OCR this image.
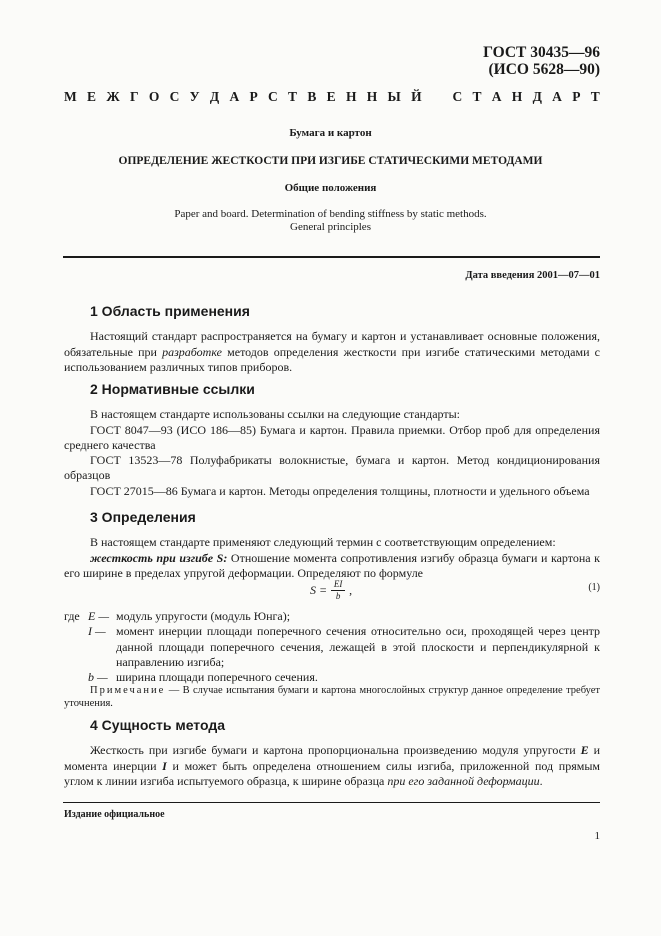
ГОСТ 30435—96
(ИСО 5628—90)
М Е Ж Г О С У Д А Р С Т В Е Н Н Ы Й С Т А Н Д А Р Т
Бумага и картон
ОПРЕДЕЛЕНИЕ ЖЕСТКОСТИ ПРИ ИЗГИБЕ СТАТИЧЕСКИМИ МЕТОДАМИ
Общие положения
Paper and board. Determination of bending stiffness by static methods.
General principles
Дата введения 2001—07—01
1 Область применения
Настоящий стандарт распространяется на бумагу и картон и устанавливает основные положения, обязательные при разработке методов определения жесткости при изгибе статическими методами с использованием различных типов приборов.
2 Нормативные ссылки
В настоящем стандарте использованы ссылки на следующие стандарты:
ГОСТ 8047—93 (ИСО 186—85) Бумага и картон. Правила приемки. Отбор проб для определения среднего качества
ГОСТ 13523—78 Полуфабрикаты волокнистые, бумага и картон. Метод кондиционирования образцов
ГОСТ 27015—86 Бумага и картон. Методы определения толщины, плотности и удельного объема
3 Определения
В настоящем стандарте применяют следующий термин с соответствующим определением:
жесткость при изгибе S: Отношение момента сопротивления изгибу образца бумаги и картона к его ширине в пределах упругой деформации. Определяют по формуле
$S = \frac{EI}{b}$ ,	(1)
где E — модуль упругости (модуль Юнга);
I — момент инерции площади поперечного сечения относительно оси, проходящей через центр данной площади поперечного сечения, лежащей в этой плоскости и перпендикулярной к направлению изгиба;
b — ширина площади поперечного сечения.
Примечание — В случае испытания бумаги и картона многослойных структур данное определение требует уточнения.
4 Сущность метода
Жесткость при изгибе бумаги и картона пропорциональна произведению модуля упругости E и момента инерции I и может быть определена отношением силы изгиба, приложенной под прямым углом к линии изгиба испытуемого образца, к ширине образца при его заданной деформации.
Издание официальное
1
